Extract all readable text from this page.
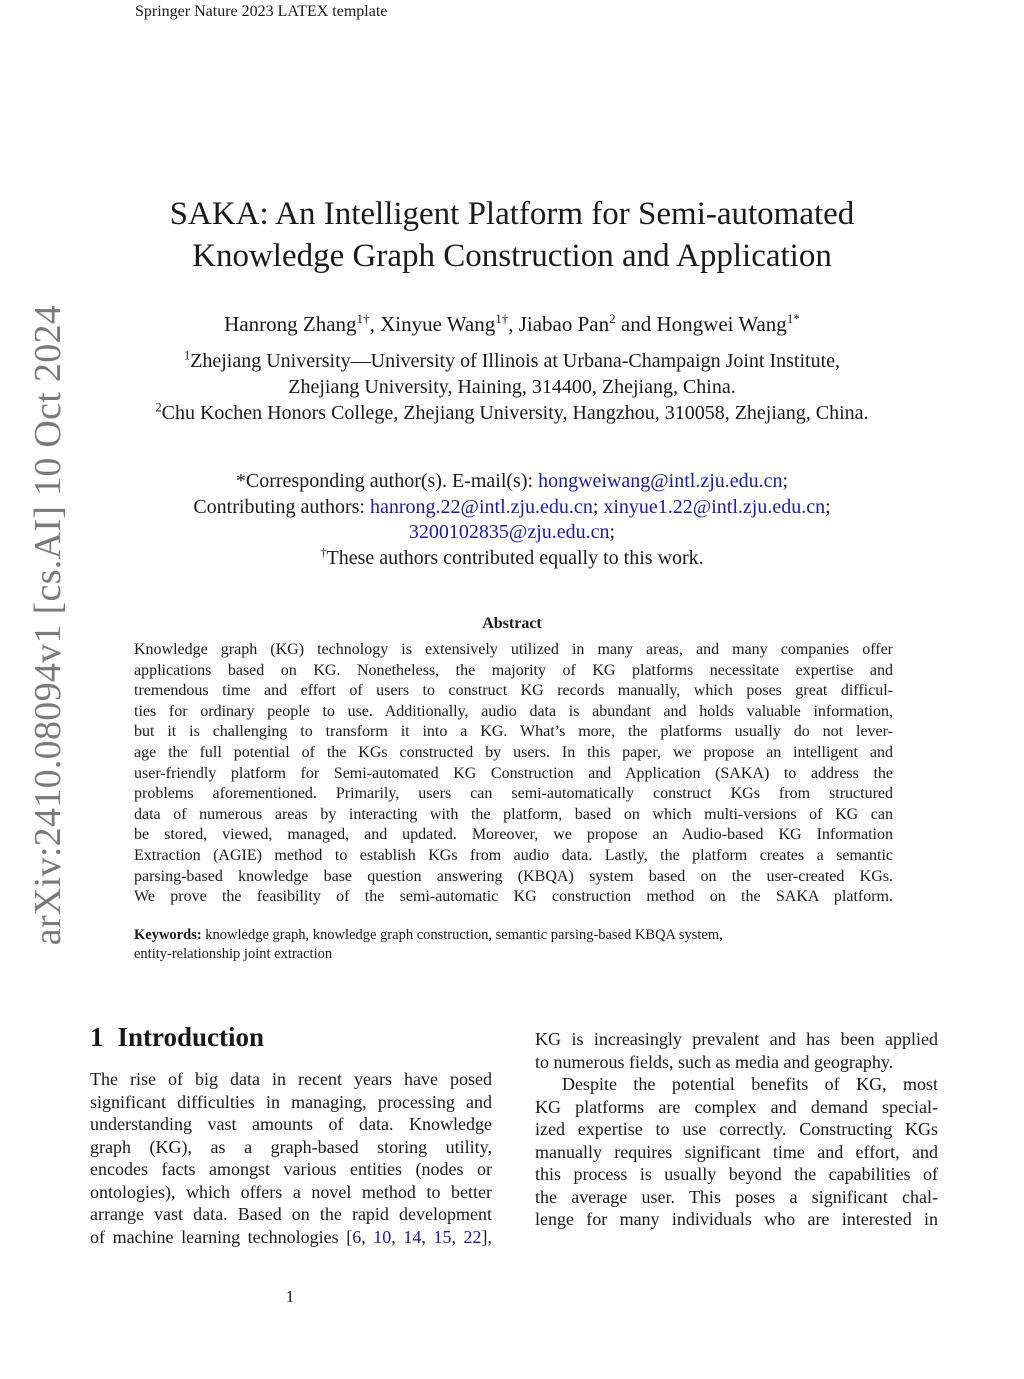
Springer Nature 2023 LATEX template
arXiv:2410.08094v1 [cs.AI] 10 Oct 2024
SAKA: An Intelligent Platform for Semi-automated
Knowledge Graph Construction and Application
Hanrong Zhang$^{1\dagger}$, Xinyue Wang$^{1\dagger}$, Jiabao Pan$^2$ and Hongwei Wang$^{1*}$
$^1$Zhejiang University—University of Illinois at Urbana-Champaign Joint Institute,
Zhejiang University, Haining, 314400, Zhejiang, China.
$^2$Chu Kochen Honors College, Zhejiang University, Hangzhou, 310058, Zhejiang, China.
*Corresponding author(s). E-mail(s): hongweiwang@intl.zju.edu.cn;
Contributing authors: hanrong.22@intl.zju.edu.cn; xinyue1.22@intl.zju.edu.cn;
3200102835@zju.edu.cn;
†These authors contributed equally to this work.
Abstract
Knowledge graph (KG) technology is extensively utilized in many areas, and many companies offer
applications based on KG. Nonetheless, the majority of KG platforms necessitate expertise and
tremendous time and effort of users to construct KG records manually, which poses great difficul-
ties for ordinary people to use. Additionally, audio data is abundant and holds valuable information,
but it is challenging to transform it into a KG. What’s more, the platforms usually do not lever-
age the full potential of the KGs constructed by users. In this paper, we propose an intelligent and
user-friendly platform for Semi-automated KG Construction and Application (SAKA) to address the
problems aforementioned. Primarily, users can semi-automatically construct KGs from structured
data of numerous areas by interacting with the platform, based on which multi-versions of KG can
be stored, viewed, managed, and updated. Moreover, we propose an Audio-based KG Information
Extraction (AGIE) method to establish KGs from audio data. Lastly, the platform creates a semantic
parsing-based knowledge base question answering (KBQA) system based on the user-created KGs.
We prove the feasibility of the semi-automatic KG construction method on the SAKA platform.
Keywords: knowledge graph, knowledge graph construction, semantic parsing-based KBQA system,
entity-relationship joint extraction
1 Introduction
The rise of big data in recent years have posed
significant difficulties in managing, processing and
understanding vast amounts of data. Knowledge
graph (KG), as a graph-based storing utility,
encodes facts amongst various entities (nodes or
ontologies), which offers a novel method to better
arrange vast data. Based on the rapid development
of machine learning technologies [6, 10, 14, 15, 22],
KG is increasingly prevalent and has been applied
to numerous fields, such as media and geography.
Despite the potential benefits of KG, most
KG platforms are complex and demand special-
ized expertise to use correctly. Constructing KGs
manually requires significant time and effort, and
this process is usually beyond the capabilities of
the average user. This poses a significant chal-
lenge for many individuals who are interested in
1
